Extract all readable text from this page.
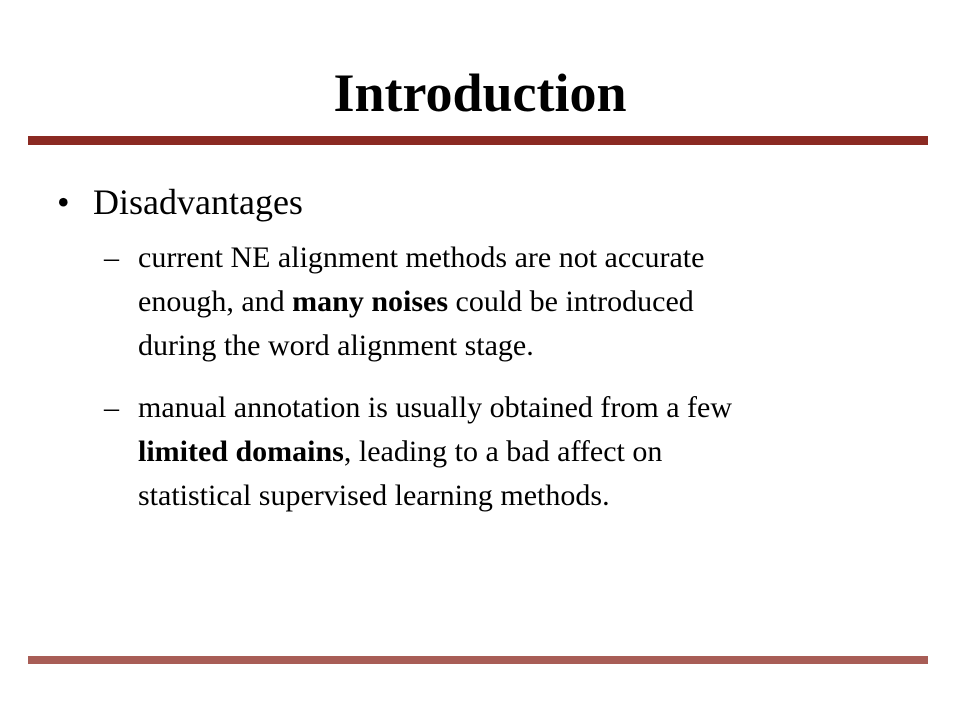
Introduction
• Disadvantages
– current NE alignment methods are not accurate
enough, and many noises could be introduced
during the word alignment stage.
– manual annotation is usually obtained from a few
limited domains, leading to a bad affect on
statistical supervised learning methods.
